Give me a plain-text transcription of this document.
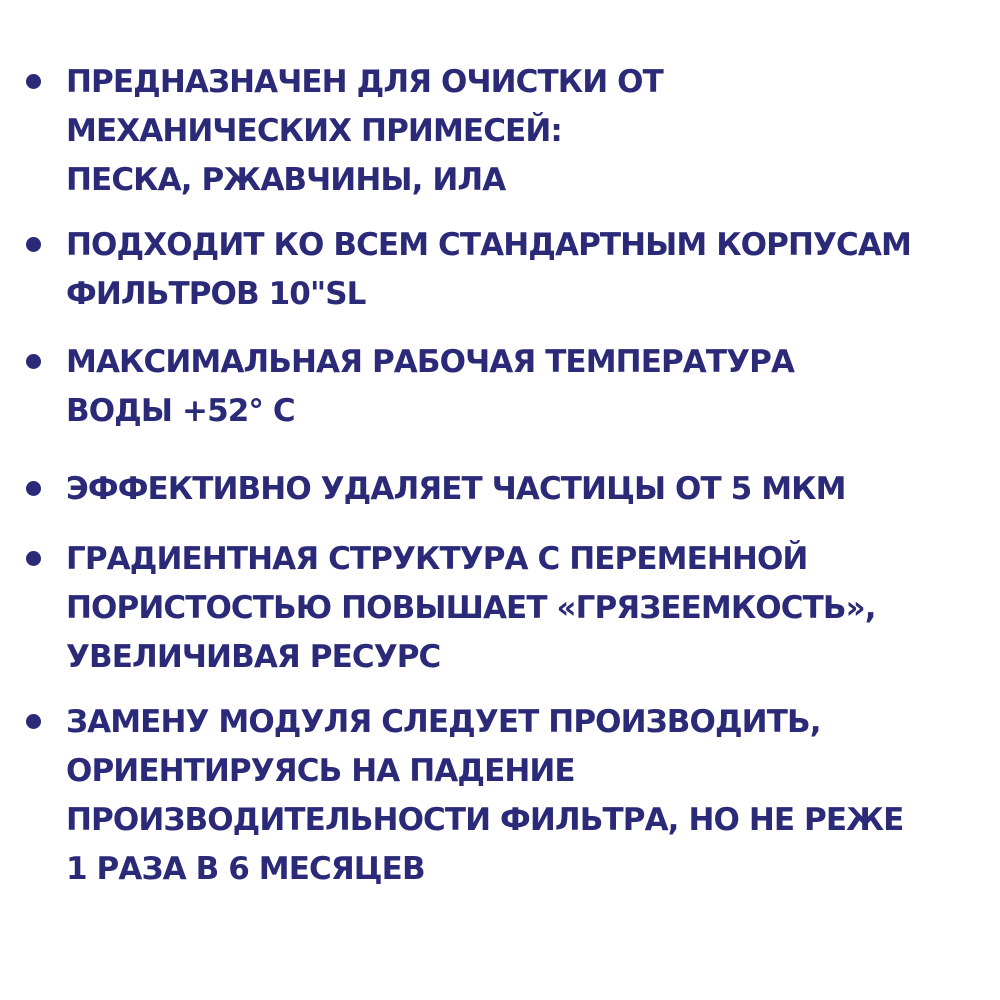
ПРЕДНАЗНАЧЕН ДЛЯ ОЧИСТКИ ОТ
МЕХАНИЧЕСКИХ ПРИМЕСЕЙ:
ПЕСКА, РЖАВЧИНЫ, ИЛА

ПОДХОДИТ КО ВСЕМ СТАНДАРТНЫМ КОРПУСАМ
ФИЛЬТРОВ 10"SL

МАКСИМАЛЬНАЯ РАБОЧАЯ ТЕМПЕРАТУРА
ВОДЫ +52° С

ЭФФЕКТИВНО УДАЛЯЕТ ЧАСТИЦЫ ОТ 5 МКМ

ГРАДИЕНТНАЯ СТРУКТУРА С ПЕРЕМЕННОЙ
ПОРИСТОСТЬЮ ПОВЫШАЕТ «ГРЯЗЕЕМКОСТЬ»,
УВЕЛИЧИВАЯ РЕСУРС

ЗАМЕНУ МОДУЛЯ СЛЕДУЕТ ПРОИЗВОДИТЬ,
ОРИЕНТИРУЯСЬ НА ПАДЕНИЕ
ПРОИЗВОДИТЕЛЬНОСТИ ФИЛЬТРА, НО НЕ РЕЖЕ
1 РАЗА В 6 МЕСЯЦЕВ
